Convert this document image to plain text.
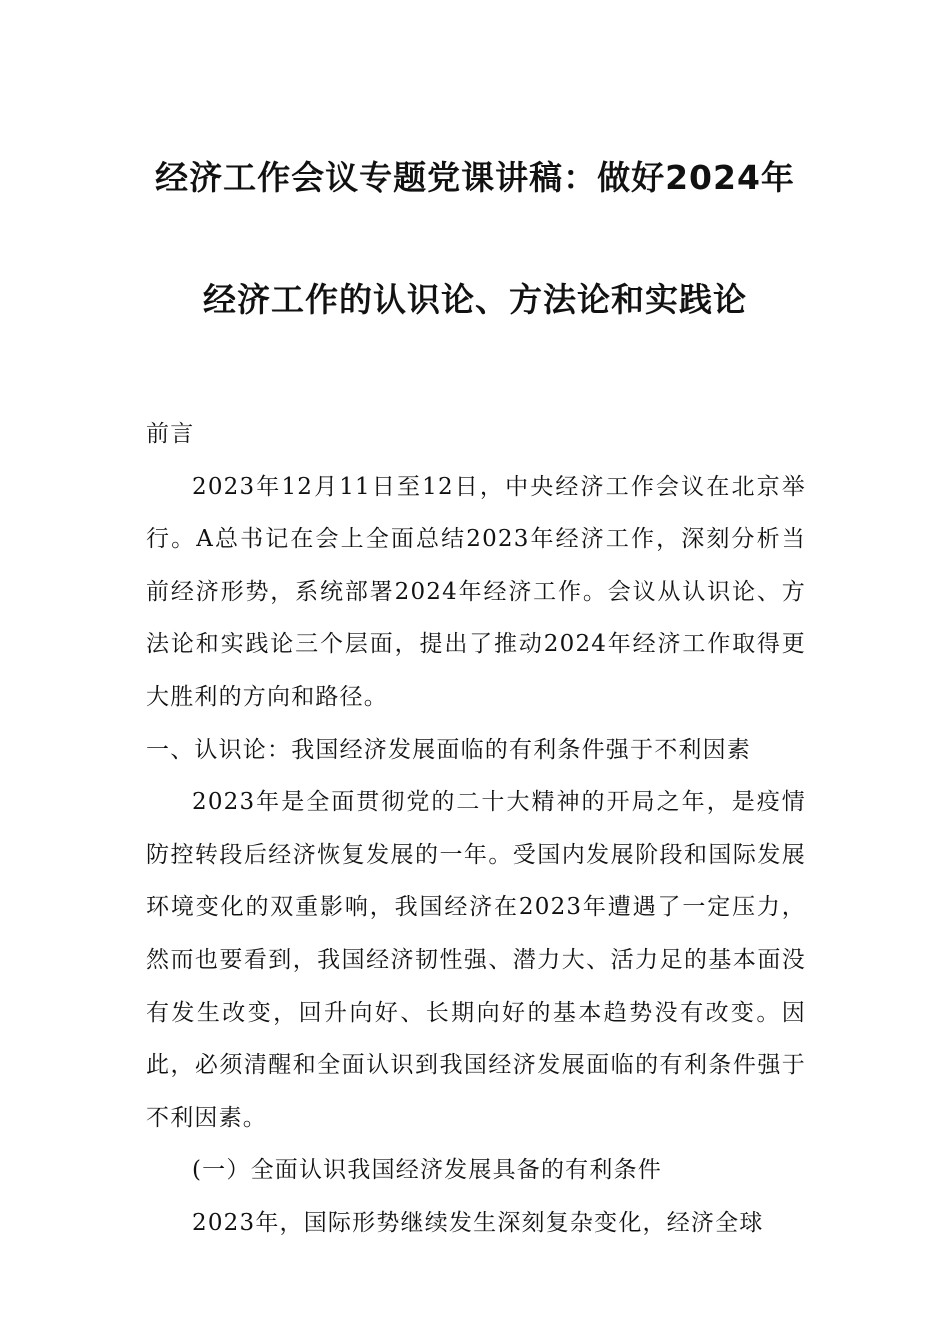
经济工作会议专题党课讲稿：做好2024年
经济工作的认识论、方法论和实践论

前言

2023年12月11日至12日，中央经济工作会议在北京举行。A总书记在会上全面总结2023年经济工作，深刻分析当前经济形势，系统部署2024年经济工作。会议从认识论、方法论和实践论三个层面，提出了推动2024年经济工作取得更大胜利的方向和路径。

一、认识论：我国经济发展面临的有利条件强于不利因素

2023年是全面贯彻党的二十大精神的开局之年，是疫情防控转段后经济恢复发展的一年。受国内发展阶段和国际发展环境变化的双重影响，我国经济在2023年遭遇了一定压力，然而也要看到，我国经济韧性强、潜力大、活力足的基本面没有发生改变，回升向好、长期向好的基本趋势没有改变。因此，必须清醒和全面认识到我国经济发展面临的有利条件强于不利因素。

(一）全面认识我国经济发展具备的有利条件

2023年，国际形势继续发生深刻复杂变化，经济全球
